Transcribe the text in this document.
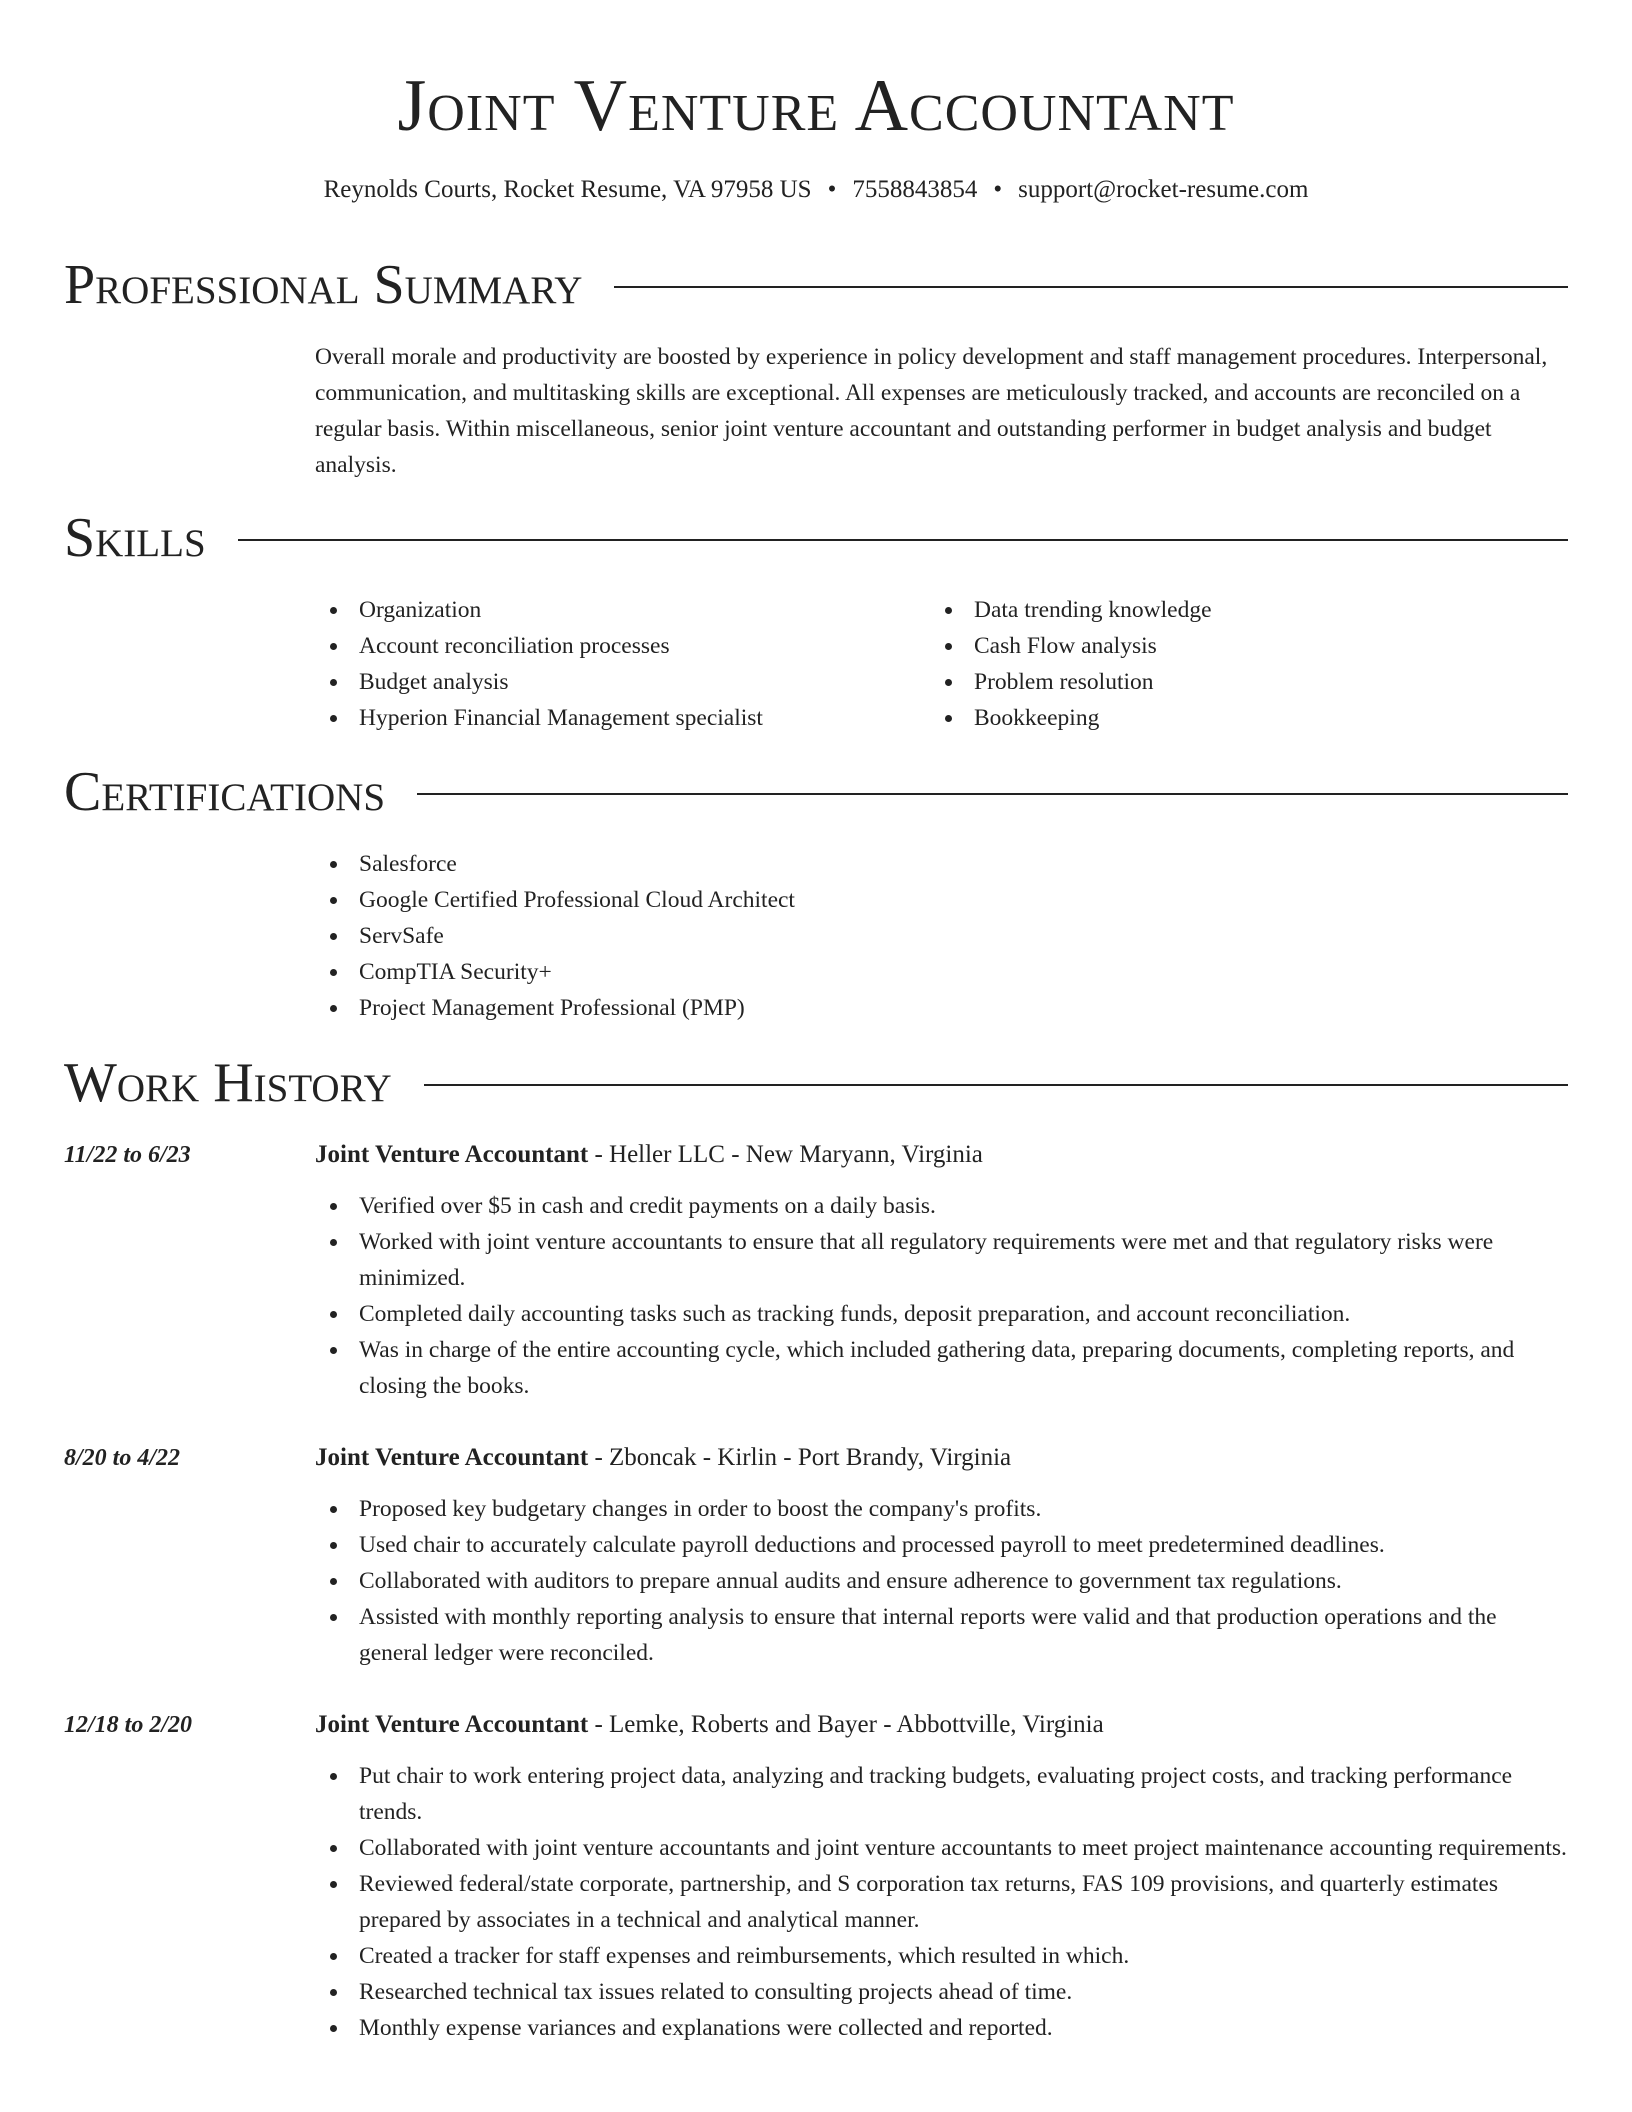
Joint Venture Accountant
Reynolds Courts, Rocket Resume, VA 97958 US • 7558843854 • support@rocket-resume.com
Professional Summary

Overall morale and productivity are boosted by experience in policy development and staff management procedures. Interpersonal, communication, and multitasking skills are exceptional. All expenses are meticulously tracked, and accounts are reconciled on a regular basis. Within miscellaneous, senior joint venture accountant and outstanding performer in budget analysis and budget analysis.

Skills
Organization
Account reconciliation processes
Budget analysis
Hyperion Financial Management specialist
Data trending knowledge
Cash Flow analysis
Problem resolution
Bookkeeping
Certifications
Salesforce
Google Certified Professional Cloud Architect
ServSafe
CompTIA Security+
Project Management Professional (PMP)
Work History
11/22 to 6/23	Joint Venture Accountant - Heller LLC - New Maryann, Virginia
Verified over $5 in cash and credit payments on a daily basis.
Worked with joint venture accountants to ensure that all regulatory requirements were met and that regulatory risks were minimized.
Completed daily accounting tasks such as tracking funds, deposit preparation, and account reconciliation.
Was in charge of the entire accounting cycle, which included gathering data, preparing documents, completing reports, and closing the books.
8/20 to 4/22	Joint Venture Accountant - Zboncak - Kirlin - Port Brandy, Virginia
Proposed key budgetary changes in order to boost the company's profits.
Used chair to accurately calculate payroll deductions and processed payroll to meet predetermined deadlines.
Collaborated with auditors to prepare annual audits and ensure adherence to government tax regulations.
Assisted with monthly reporting analysis to ensure that internal reports were valid and that production operations and the general ledger were reconciled.
12/18 to 2/20	Joint Venture Accountant - Lemke, Roberts and Bayer - Abbottville, Virginia
Put chair to work entering project data, analyzing and tracking budgets, evaluating project costs, and tracking performance trends.
Collaborated with joint venture accountants and joint venture accountants to meet project maintenance accounting requirements.
Reviewed federal/state corporate, partnership, and S corporation tax returns, FAS 109 provisions, and quarterly estimates prepared by associates in a technical and analytical manner.
Created a tracker for staff expenses and reimbursements, which resulted in which.
Researched technical tax issues related to consulting projects ahead of time.
Monthly expense variances and explanations were collected and reported.
